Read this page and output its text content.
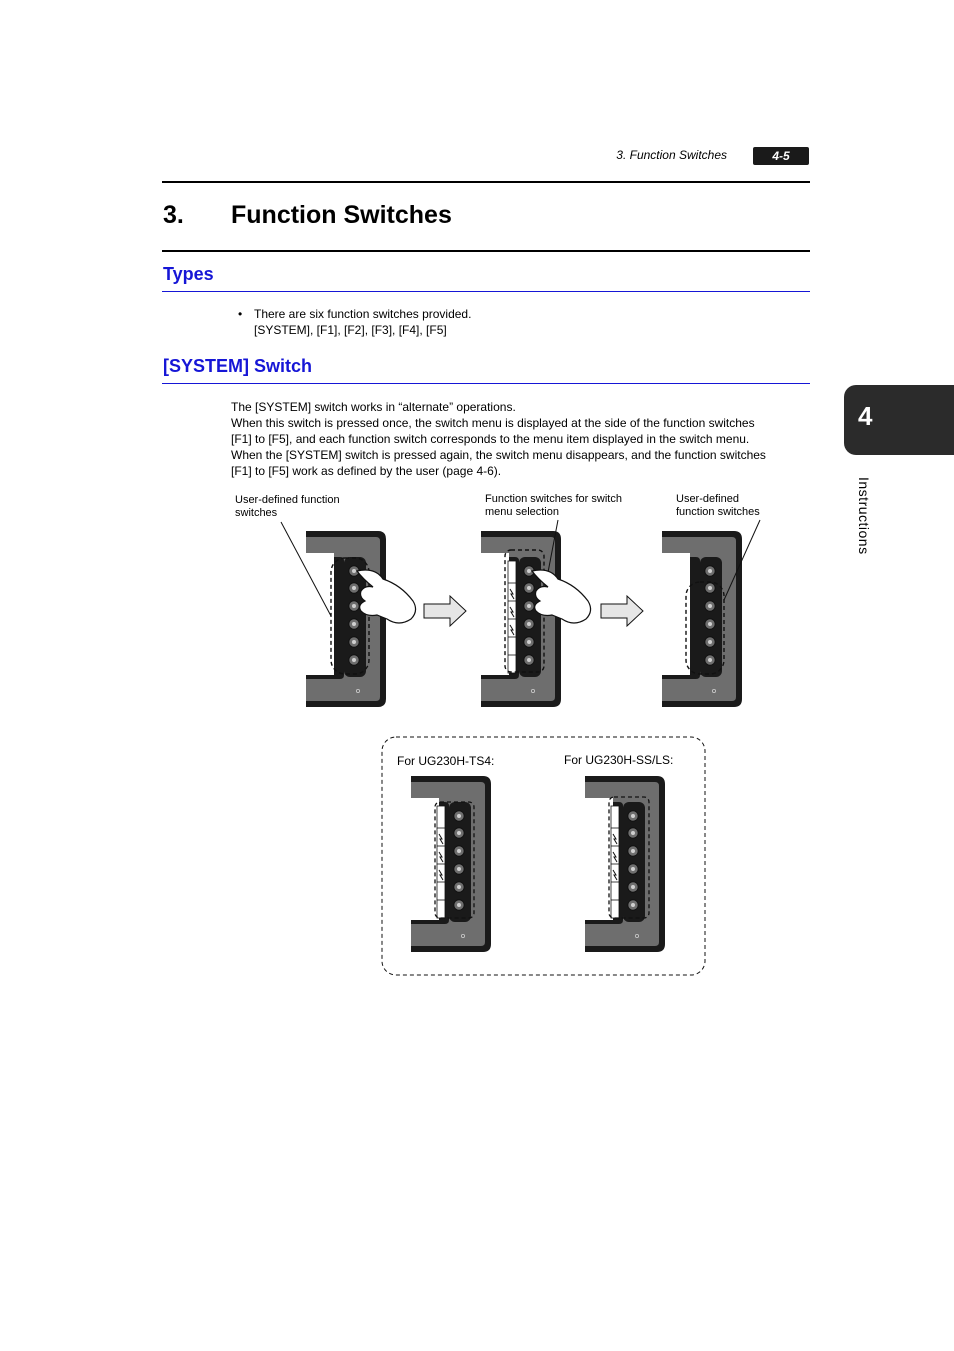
3. Function Switches	4-5
3. Function Switches
Types
• There are six function switches provided.
[SYSTEM], [F1], [F2], [F3], [F4], [F5]
[SYSTEM] Switch
The [SYSTEM] switch works in “alternate” operations.
When this switch is pressed once, the switch menu is displayed at the side of the function switches
[F1] to [F5], and each function switch corresponds to the menu item displayed in the switch menu.
When the [SYSTEM] switch is pressed again, the switch menu disappears, and the function switches
[F1] to [F5] work as defined by the user (page 4-6).
4
Instructions
User-defined function
switches
Function switches for switch
menu selection
User-defined
function switches
For UG230H-TS4:	For UG230H-SS/LS:
